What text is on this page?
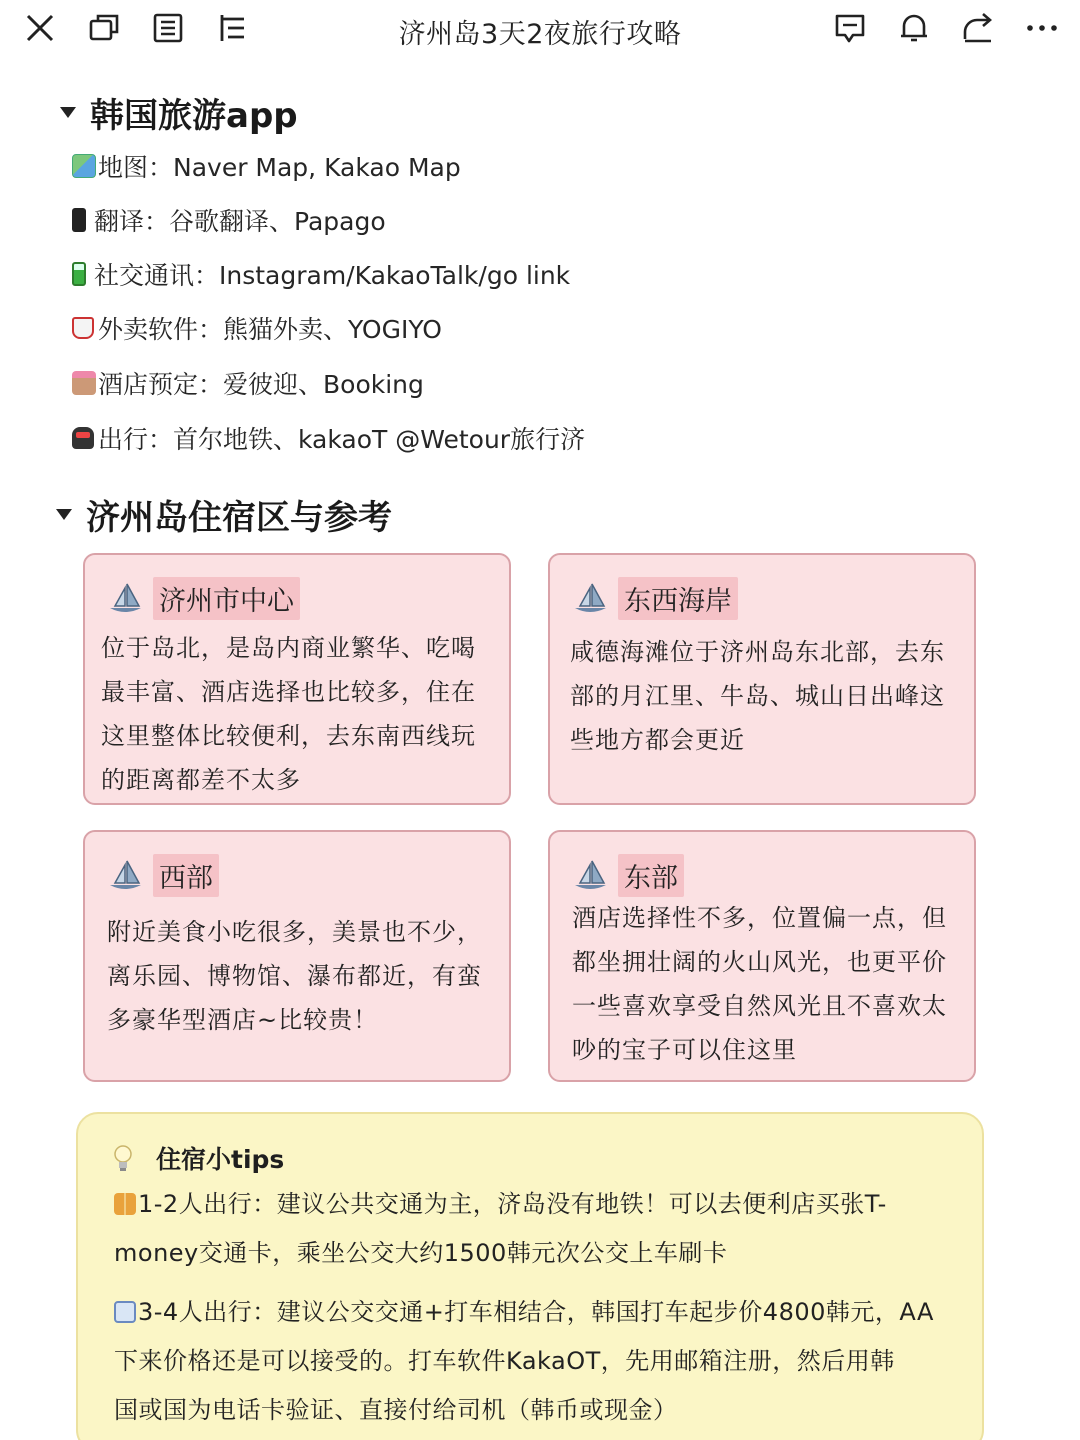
济州岛3天2夜旅行攻略
韩国旅游app
地图：Naver Map, Kakao Map
翻译：谷歌翻译、Papago
社交通讯：Instagram/KakaoTalk/go link
外卖软件：熊猫外卖、YOGIYO
酒店预定：爱彼迎、Booking
出行：首尔地铁、kakaoT @Wetour旅行济
济州岛住宿区与参考
济州市中心
位于岛北，是岛内商业繁华、吃喝
最丰富、酒店选择也比较多，住在
这里整体比较便利，去东南西线玩
的距离都差不太多
东西海岸
咸德海滩位于济州岛东北部，去东
部的月江里、牛岛、城山日出峰这
些地方都会更近
西部
附近美食小吃很多，美景也不少，
离乐园、博物馆、瀑布都近，有蛮
多豪华型酒店~比较贵！
东部
酒店选择性不多，位置偏一点，但
都坐拥壮阔的火山风光，也更平价
一些喜欢享受自然风光且不喜欢太
吵的宝子可以住这里
住宿小tips
1-2人出行：建议公共交通为主，济岛没有地铁！可以去便利店买张T-
money交通卡，乘坐公交大约1500韩元次公交上车刷卡
3-4人出行：建议公交交通+打车相结合，韩国打车起步价4800韩元，AA
下来价格还是可以接受的。打车软件KakaOT，先用邮箱注册，然后用韩
国或国为电话卡验证、直接付给司机（韩币或现金）
